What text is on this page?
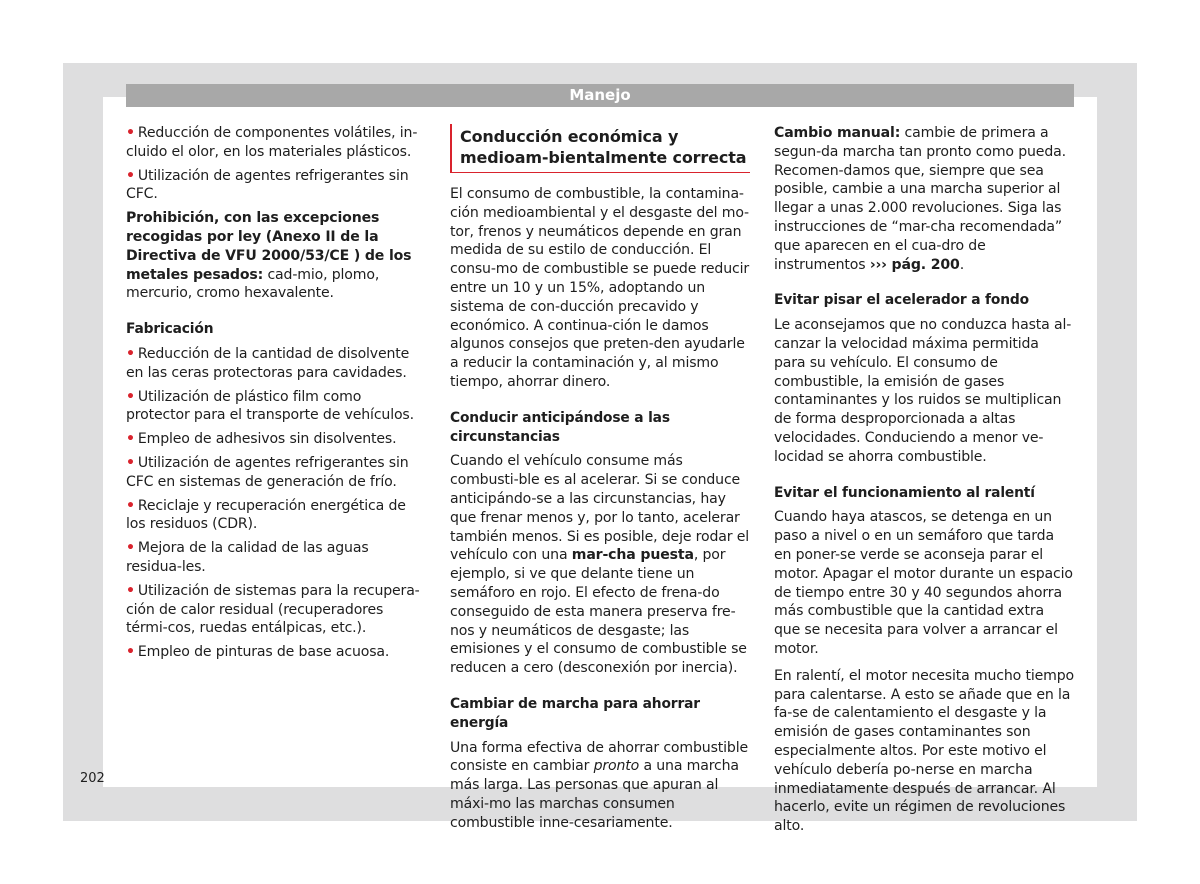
Manejo

• Reducción de componentes volátiles, in-cluido el olor, en los materiales plásticos.

• Utilización de agentes refrigerantes sin CFC.

Prohibición, con las excepciones recogidas por ley (Anexo II de la Directiva de VFU 2000/53/CE ) de los metales pesados: cad-mio, plomo, mercurio, cromo hexavalente.

Fabricación

• Reducción de la cantidad de disolvente en las ceras protectoras para cavidades.

• Utilización de plástico film como protector para el transporte de vehículos.

• Empleo de adhesivos sin disolventes.

• Utilización de agentes refrigerantes sin CFC en sistemas de generación de frío.

• Reciclaje y recuperación energética de los residuos (CDR).

• Mejora de la calidad de las aguas residua-les.

• Utilización de sistemas para la recupera-ción de calor residual (recuperadores térmi-cos, ruedas entálpicas, etc.).

• Empleo de pinturas de base acuosa.

Conducción económica y medioam-bientalmente correcta

El consumo de combustible, la contamina-ción medioambiental y el desgaste del mo-tor, frenos y neumáticos depende en gran medida de su estilo de conducción. El consu-mo de combustible se puede reducir entre un 10 y un 15%, adoptando un sistema de con-ducción precavido y económico. A continua-ción le damos algunos consejos que preten-den ayudarle a reducir la contaminación y, al mismo tiempo, ahorrar dinero.

Conducir anticipándose a las circunstancias

Cuando el vehículo consume más combusti-ble es al acelerar. Si se conduce anticipándo-se a las circunstancias, hay que frenar menos y, por lo tanto, acelerar también menos. Si es posible, deje rodar el vehículo con una mar-cha puesta, por ejemplo, si ve que delante tiene un semáforo en rojo. El efecto de frena-do conseguido de esta manera preserva fre-nos y neumáticos de desgaste; las emisiones y el consumo de combustible se reducen a cero (desconexión por inercia).

Cambiar de marcha para ahorrar energía

Una forma efectiva de ahorrar combustible consiste en cambiar pronto a una marcha más larga. Las personas que apuran al máxi-mo las marchas consumen combustible inne-cesariamente.

Cambio manual: cambie de primera a segun-da marcha tan pronto como pueda. Recomen-damos que, siempre que sea posible, cambie a una marcha superior al llegar a unas 2.000 revoluciones. Siga las instrucciones de “mar-cha recomendada” que aparecen en el cua-dro de instrumentos ››› pág. 200.

Evitar pisar el acelerador a fondo

Le aconsejamos que no conduzca hasta al-canzar la velocidad máxima permitida para su vehículo. El consumo de combustible, la emisión de gases contaminantes y los ruidos se multiplican de forma desproporcionada a altas velocidades. Conduciendo a menor ve-locidad se ahorra combustible.

Evitar el funcionamiento al ralentí

Cuando haya atascos, se detenga en un paso a nivel o en un semáforo que tarda en poner-se verde se aconseja parar el motor. Apagar el motor durante un espacio de tiempo entre 30 y 40 segundos ahorra más combustible que la cantidad extra que se necesita para volver a arrancar el motor.

En ralentí, el motor necesita mucho tiempo para calentarse. A esto se añade que en la fa-se de calentamiento el desgaste y la emisión de gases contaminantes son especialmente altos. Por este motivo el vehículo debería po-nerse en marcha inmediatamente después de arrancar. Al hacerlo, evite un régimen de revoluciones alto.

202
